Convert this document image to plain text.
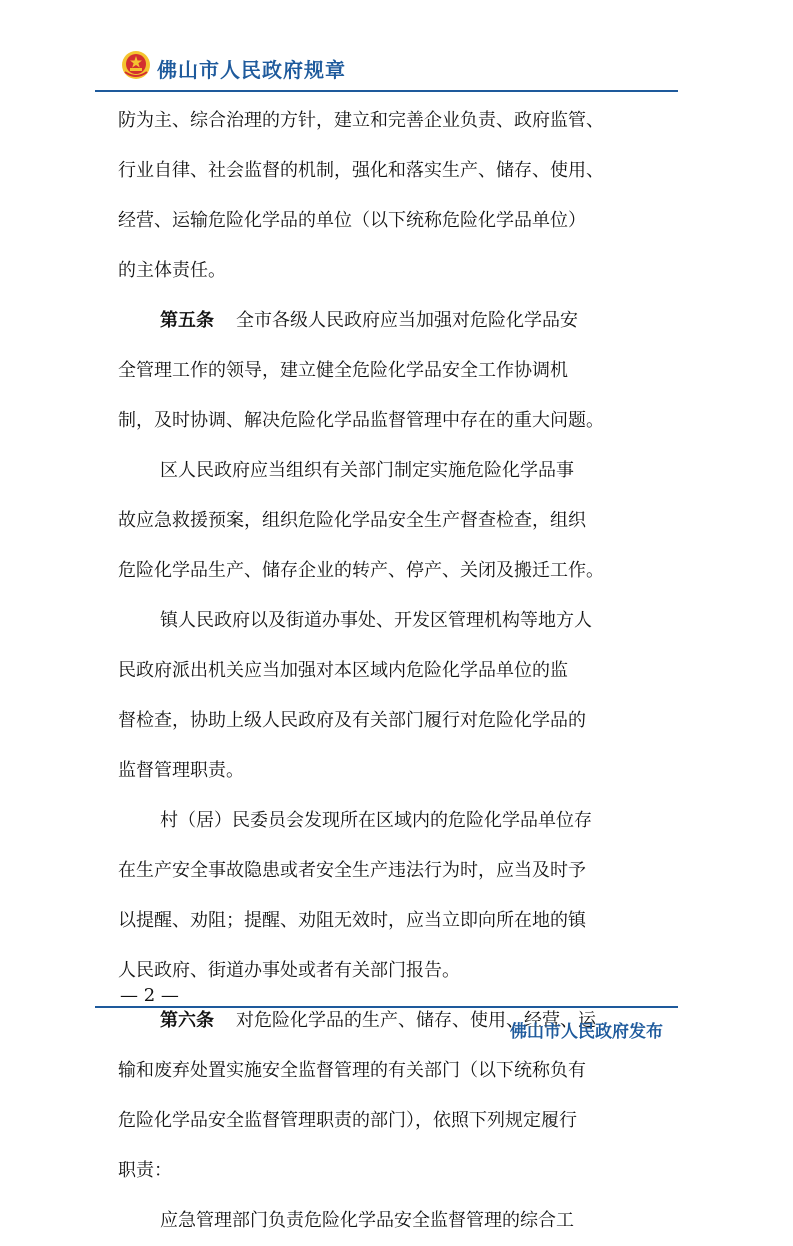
佛山市人民政府规章
防为主、综合治理的方针，建立和完善企业负责、政府监管、
行业自律、社会监督的机制，强化和落实生产、储存、使用、
经营、运输危险化学品的单位（以下统称危险化学品单位）
的主体责任。
第五条 全市各级人民政府应当加强对危险化学品安
全管理工作的领导，建立健全危险化学品安全工作协调机
制，及时协调、解决危险化学品监督管理中存在的重大问题。
区人民政府应当组织有关部门制定实施危险化学品事
故应急救援预案，组织危险化学品安全生产督查检查，组织
危险化学品生产、储存企业的转产、停产、关闭及搬迁工作。
镇人民政府以及街道办事处、开发区管理机构等地方人
民政府派出机关应当加强对本区域内危险化学品单位的监
督检查，协助上级人民政府及有关部门履行对危险化学品的
监督管理职责。
村（居）民委员会发现所在区域内的危险化学品单位存
在生产安全事故隐患或者安全生产违法行为时，应当及时予
以提醒、劝阻；提醒、劝阻无效时，应当立即向所在地的镇
人民政府、街道办事处或者有关部门报告。
第六条 对危险化学品的生产、储存、使用、经营、运
输和废弃处置实施安全监督管理的有关部门（以下统称负有
危险化学品安全监督管理职责的部门），依照下列规定履行
职责：
应急管理部门负责危险化学品安全监督管理的综合工
— 2 —
佛山市人民政府发布
